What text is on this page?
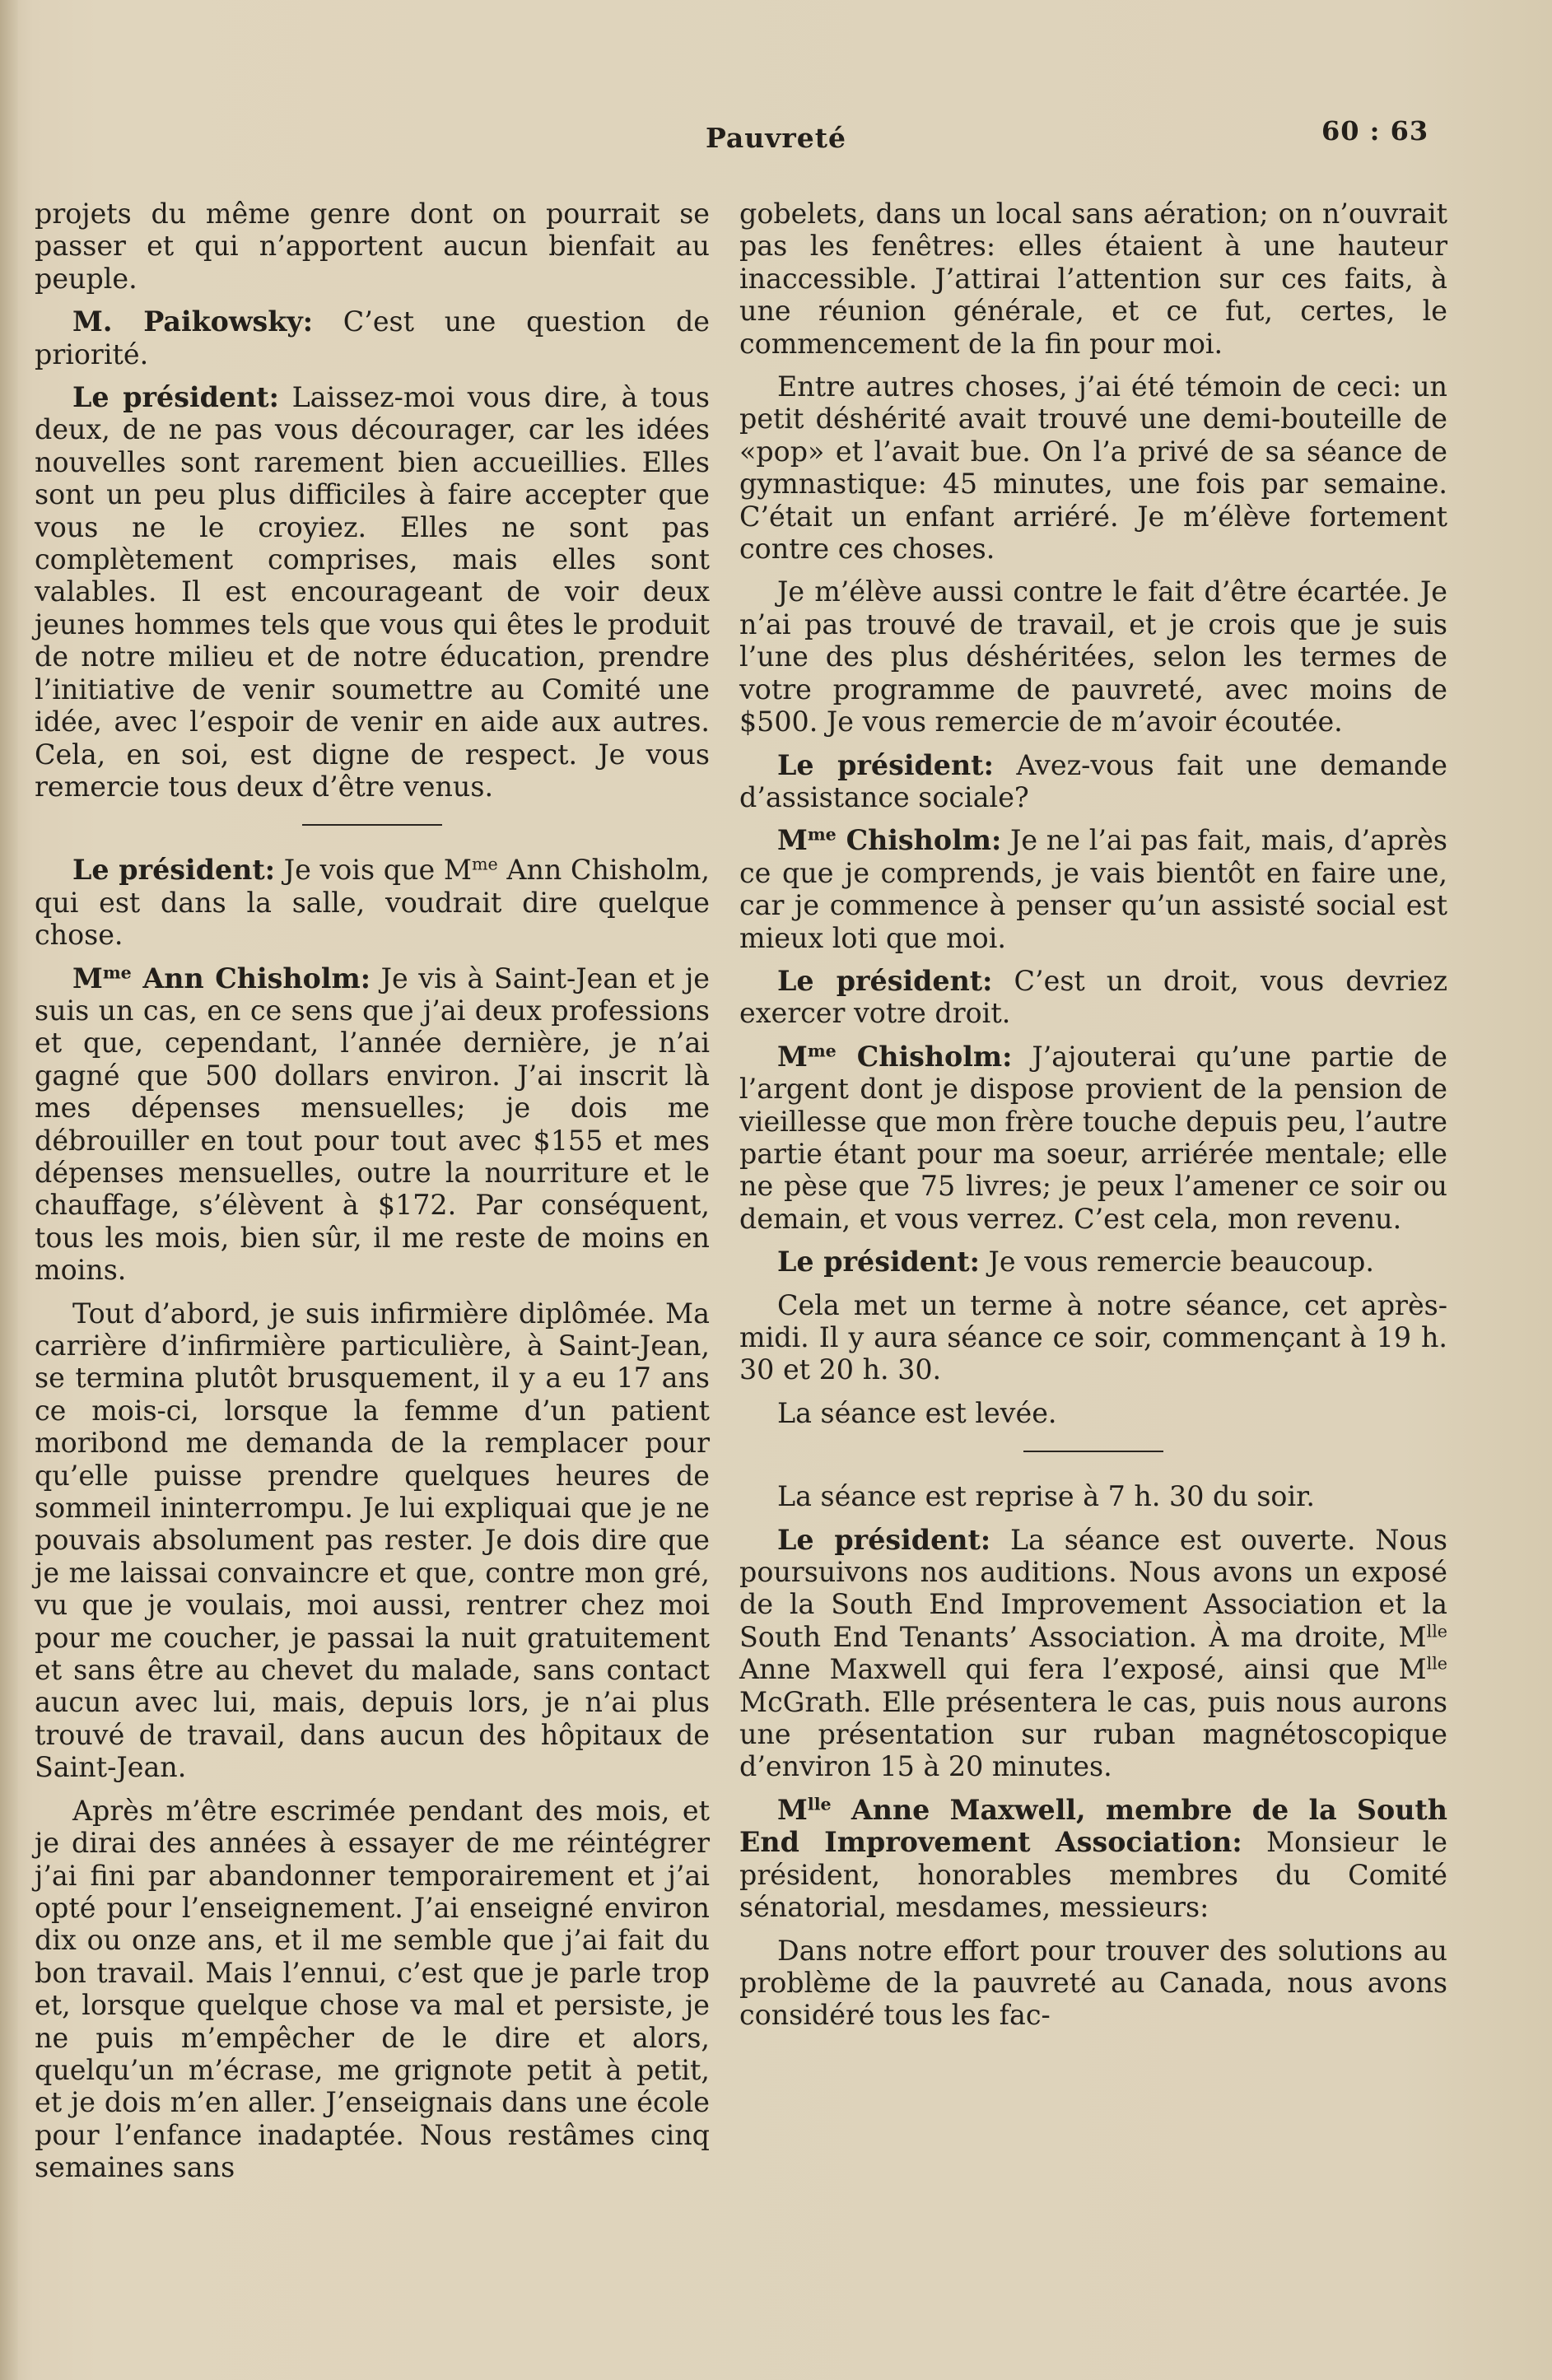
Pauvreté	60 : 63

projets du même genre dont on pourrait se passer et qui n’apportent aucun bienfait au peuple.

M. Paikowsky: C’est une question de priorité.

Le président: Laissez-moi vous dire, à tous deux, de ne pas vous décourager, car les idées nouvelles sont rarement bien accueillies. Elles sont un peu plus difficiles à faire accepter que vous ne le croyiez. Elles ne sont pas complètement comprises, mais elles sont valables. Il est encourageant de voir deux jeunes hommes tels que vous qui êtes le produit de notre milieu et de notre éducation, prendre l’initiative de venir soumettre au Comité une idée, avec l’espoir de venir en aide aux autres. Cela, en soi, est digne de respect. Je vous remercie tous deux d’être venus.

Le président: Je vois que $M^{me}$ Ann Chisholm, qui est dans la salle, voudrait dire quelque chose.

$M^{me}$ Ann Chisholm: Je vis à Saint-Jean et je suis un cas, en ce sens que j’ai deux professions et que, cependant, l’année dernière, je n’ai gagné que 500 dollars environ. J’ai inscrit là mes dépenses mensuelles; je dois me débrouiller en tout pour tout avec $155 et mes dépenses mensuelles, outre la nourriture et le chauffage, s’élèvent à $172. Par conséquent, tous les mois, bien sûr, il me reste de moins en moins.

Tout d’abord, je suis infirmière diplômée. Ma carrière d’infirmière particulière, à Saint-Jean, se termina plutôt brusquement, il y a eu 17 ans ce mois-ci, lorsque la femme d’un patient moribond me demanda de la remplacer pour qu’elle puisse prendre quelques heures de sommeil ininterrompu. Je lui expliquai que je ne pouvais absolument pas rester. Je dois dire que je me laissai convaincre et que, contre mon gré, vu que je voulais, moi aussi, rentrer chez moi pour me coucher, je passai la nuit gratuitement et sans être au chevet du malade, sans contact aucun avec lui, mais, depuis lors, je n’ai plus trouvé de travail, dans aucun des hôpitaux de Saint-Jean.

Après m’être escrimée pendant des mois, et je dirai des années à essayer de me réintégrer j’ai fini par abandonner temporairement et j’ai opté pour l’enseignement. J’ai enseigné environ dix ou onze ans, et il me semble que j’ai fait du bon travail. Mais l’ennui, c’est que je parle trop et, lorsque quelque chose va mal et persiste, je ne puis m’empêcher de le dire et alors, quelqu’un m’écrase, me grignote petit à petit, et je dois m’en aller. J’enseignais dans une école pour l’enfance inadaptée. Nous restâmes cinq semaines sans

gobelets, dans un local sans aération; on n’ouvrait pas les fenêtres: elles étaient à une hauteur inaccessible. J’attirai l’attention sur ces faits, à une réunion générale, et ce fut, certes, le commencement de la fin pour moi.

Entre autres choses, j’ai été témoin de ceci: un petit déshérité avait trouvé une demi-bouteille de «pop» et l’avait bue. On l’a privé de sa séance de gymnastique: 45 minutes, une fois par semaine. C’était un enfant arriéré. Je m’élève fortement contre ces choses.

Je m’élève aussi contre le fait d’être écartée. Je n’ai pas trouvé de travail, et je crois que je suis l’une des plus déshéritées, selon les termes de votre programme de pauvreté, avec moins de $500. Je vous remercie de m’avoir écoutée.

Le président: Avez-vous fait une demande d’assistance sociale?

$M^{me}$ Chisholm: Je ne l’ai pas fait, mais, d’après ce que je comprends, je vais bientôt en faire une, car je commence à penser qu’un assisté social est mieux loti que moi.

Le président: C’est un droit, vous devriez exercer votre droit.

$M^{me}$ Chisholm: J’ajouterai qu’une partie de l’argent dont je dispose provient de la pension de vieillesse que mon frère touche depuis peu, l’autre partie étant pour ma soeur, arriérée mentale; elle ne pèse que 75 livres; je peux l’amener ce soir ou demain, et vous verrez. C’est cela, mon revenu.

Le président: Je vous remercie beaucoup.

Cela met un terme à notre séance, cet après-midi. Il y aura séance ce soir, commençant à 19 h. 30 et 20 h. 30.

La séance est levée.

La séance est reprise à 7 h. 30 du soir.

Le président: La séance est ouverte. Nous poursuivons nos auditions. Nous avons un exposé de la South End Improvement Association et la South End Tenants’ Association. À ma droite, $M^{lle}$ Anne Maxwell qui fera l’exposé, ainsi que $M^{lle}$ McGrath. Elle présentera le cas, puis nous aurons une présentation sur ruban magnétoscopique d’environ 15 à 20 minutes.

$M^{lle}$ Anne Maxwell, membre de la South End Improvement Association: Monsieur le président, honorables membres du Comité sénatorial, mesdames, messieurs:

Dans notre effort pour trouver des solutions au problème de la pauvreté au Canada, nous avons considéré tous les fac-
